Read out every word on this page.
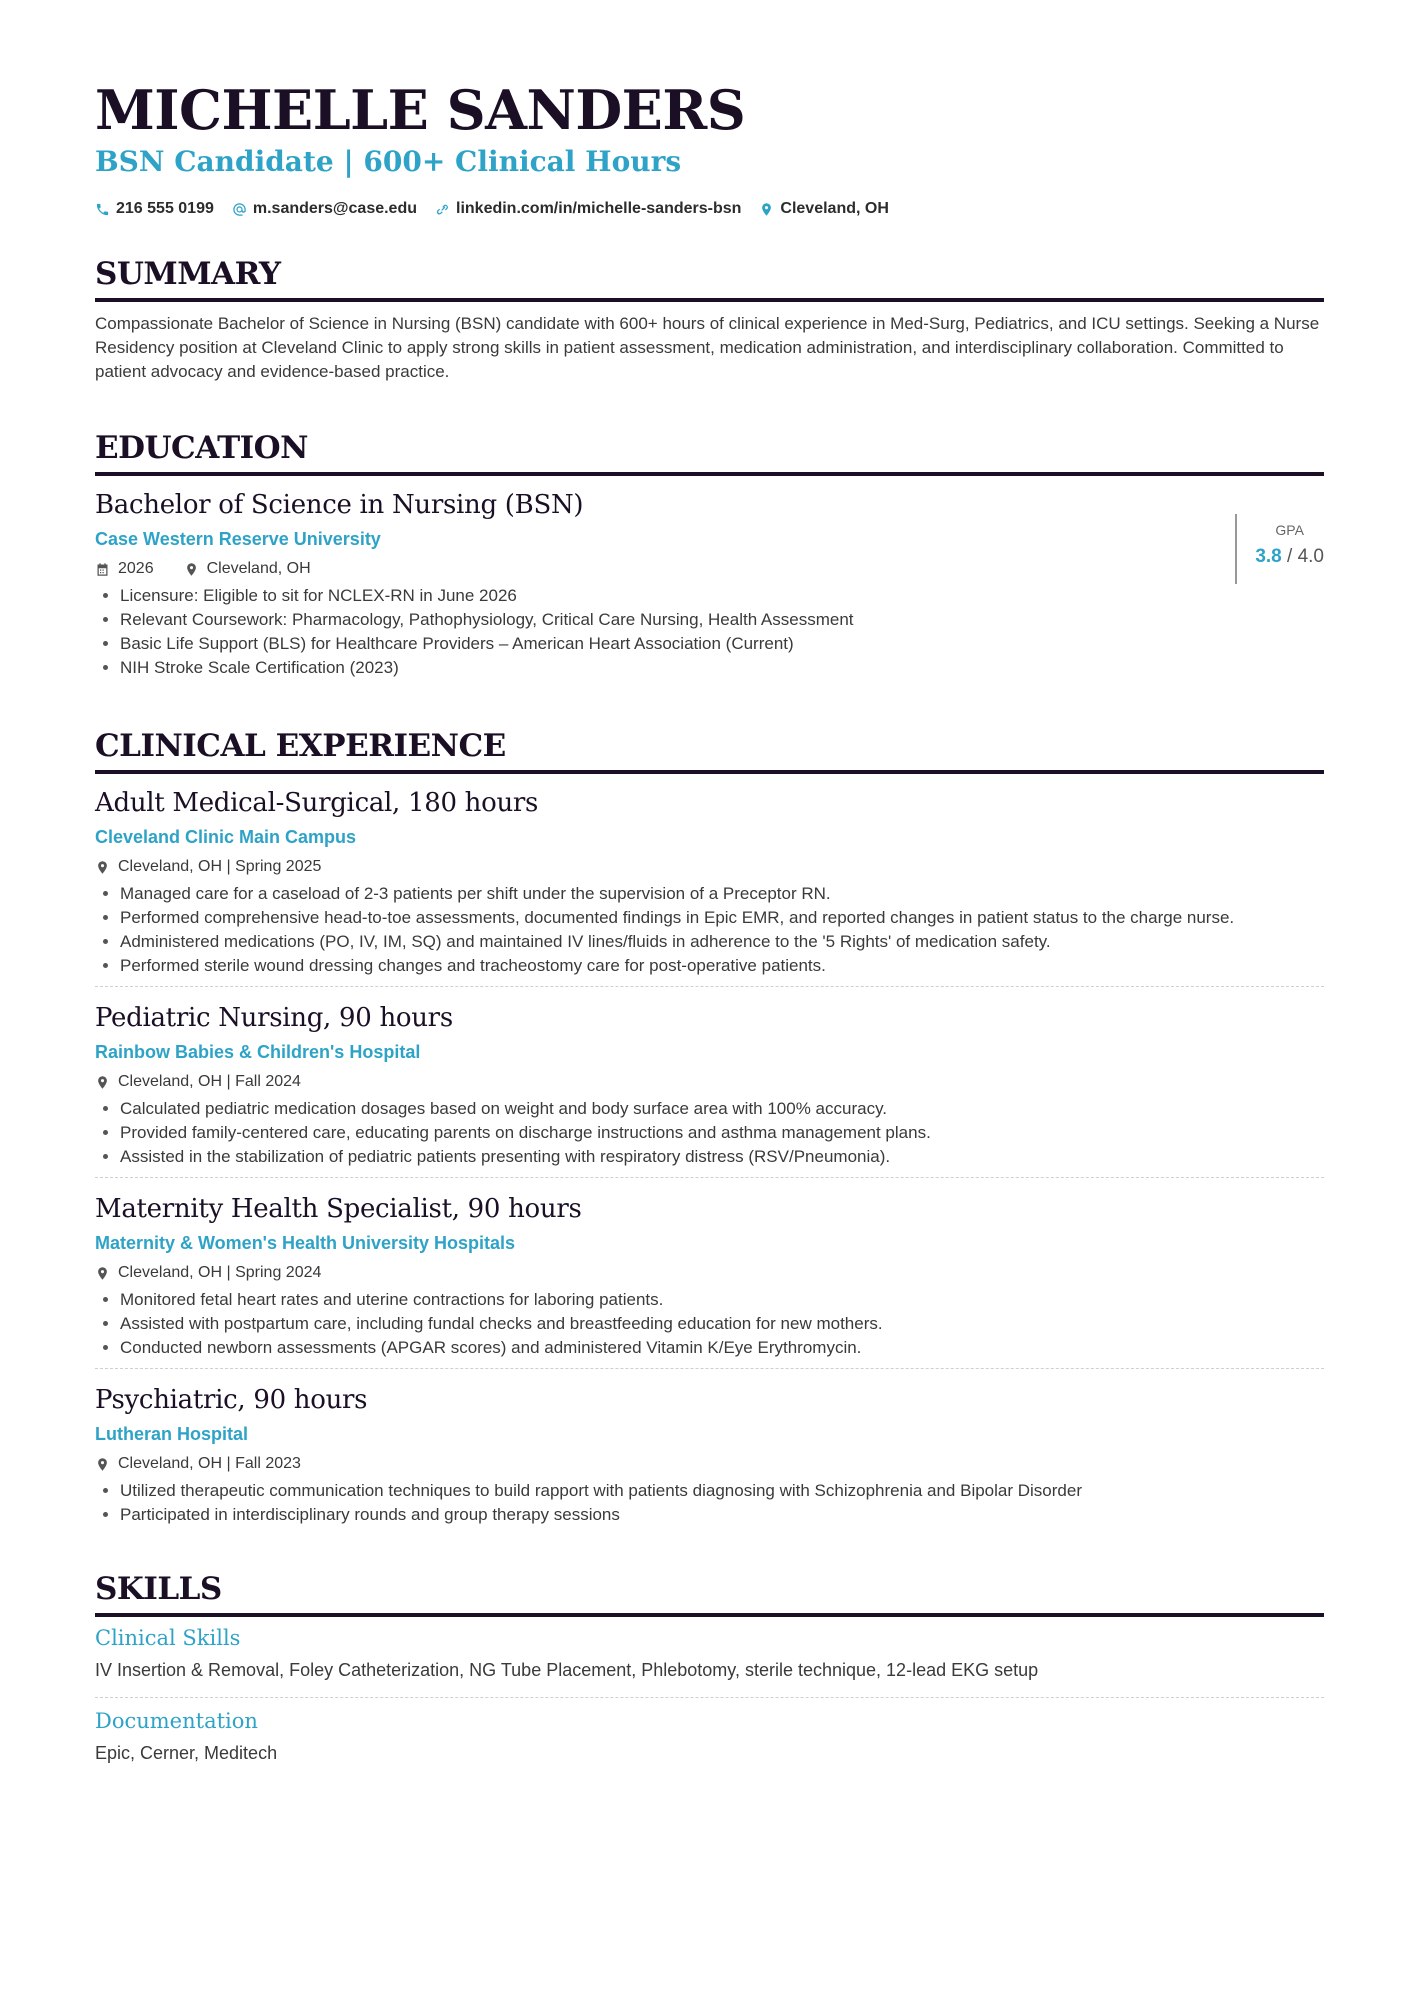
MICHELLE SANDERS
BSN Candidate | 600+ Clinical Hours
216 555 0199 m.sanders@case.edu linkedin.com/in/michelle-sanders-bsn Cleveland, OH
SUMMARY

Compassionate Bachelor of Science in Nursing (BSN) candidate with 600+ hours of clinical experience in Med-Surg, Pediatrics, and ICU settings. Seeking a Nurse Residency position at Cleveland Clinic to apply strong skills in patient assessment, medication administration, and interdisciplinary collaboration. Committed to patient advocacy and evidence-based practice.

EDUCATION
Bachelor of Science in Nursing (BSN)
Case Western Reserve University
2026	Cleveland, OH
• Licensure: Eligible to sit for NCLEX-RN in June 2026
• Relevant Coursework: Pharmacology, Pathophysiology, Critical Care Nursing, Health Assessment
• Basic Life Support (BLS) for Healthcare Providers – American Heart Association (Current)
• NIH Stroke Scale Certification (2023)
GPA
3.8 / 4.0
CLINICAL EXPERIENCE
Adult Medical-Surgical, 180 hours
Cleveland Clinic Main Campus
Cleveland, OH | Spring 2025
• Managed care for a caseload of 2-3 patients per shift under the supervision of a Preceptor RN.
• Performed comprehensive head-to-toe assessments, documented findings in Epic EMR, and reported changes in patient status to the charge nurse.
• Administered medications (PO, IV, IM, SQ) and maintained IV lines/fluids in adherence to the '5 Rights' of medication safety.
• Performed sterile wound dressing changes and tracheostomy care for post-operative patients.
Pediatric Nursing, 90 hours
Rainbow Babies & Children's Hospital
Cleveland, OH | Fall 2024
• Calculated pediatric medication dosages based on weight and body surface area with 100% accuracy.
• Provided family-centered care, educating parents on discharge instructions and asthma management plans.
• Assisted in the stabilization of pediatric patients presenting with respiratory distress (RSV/Pneumonia).
Maternity Health Specialist, 90 hours
Maternity & Women's Health University Hospitals
Cleveland, OH | Spring 2024
• Monitored fetal heart rates and uterine contractions for laboring patients.
• Assisted with postpartum care, including fundal checks and breastfeeding education for new mothers.
• Conducted newborn assessments (APGAR scores) and administered Vitamin K/Eye Erythromycin.
Psychiatric, 90 hours
Lutheran Hospital
Cleveland, OH | Fall 2023
• Utilized therapeutic communication techniques to build rapport with patients diagnosing with Schizophrenia and Bipolar Disorder
• Participated in interdisciplinary rounds and group therapy sessions
SKILLS
Clinical Skills

IV Insertion & Removal, Foley Catheterization, NG Tube Placement, Phlebotomy, sterile technique, 12-lead EKG setup

Documentation

Epic, Cerner, Meditech
